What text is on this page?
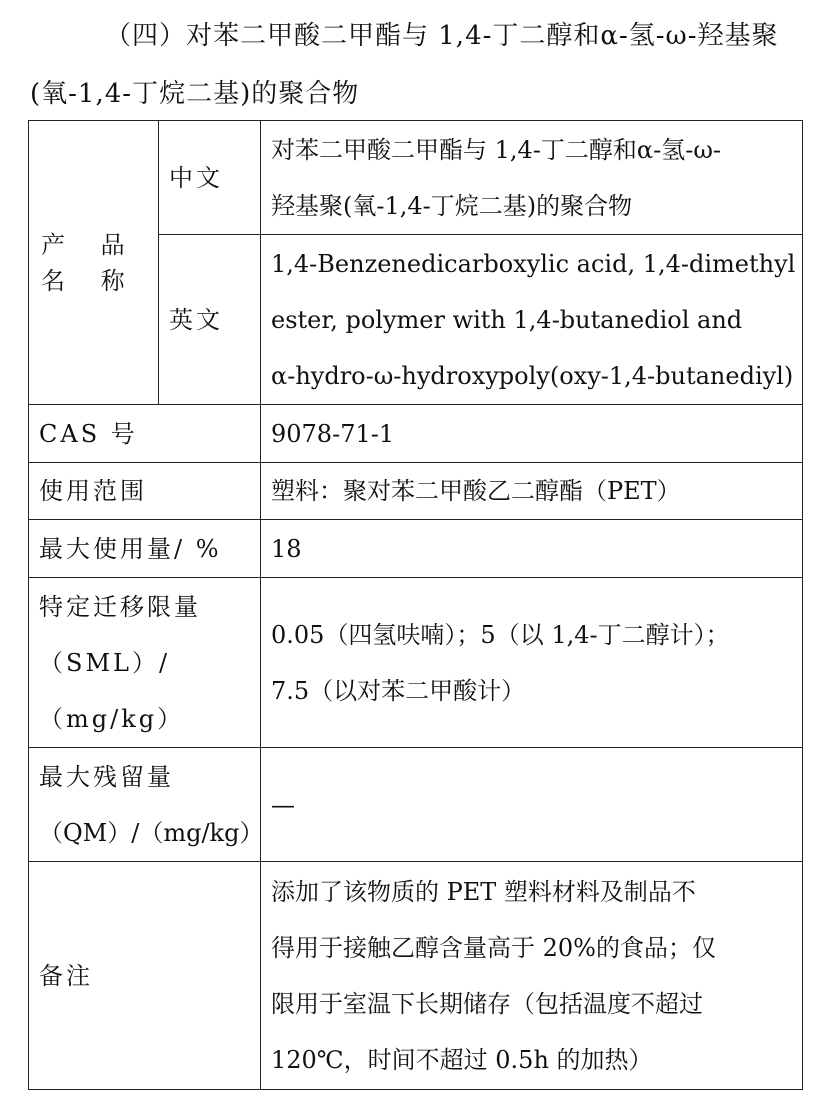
（四）对苯二甲酸二甲酯与 1,4-丁二醇和α-氢-ω-羟基聚
(氧-1,4-丁烷二基)的聚合物
产 品 名 称	中文	对苯二甲酸二甲酯与 1,4-丁二醇和α-氢-ω-
羟基聚(氧-1,4-丁烷二基)的聚合物

	英文	1,4-Benzenedicarboxylic acid, 1,4-dimethyl
ester, polymer with 1,4-butanediol and
α-hydro-ω-hydroxypoly(oxy-1,4-butanediyl)

CAS 号		9078-71-1
使用范围		塑料：聚对苯二甲酸乙二醇酯（PET）
最大使用量/ %		18

特定迁移限量
（SML）/
（mg/kg）		0.05（四氢呋喃）；5（以 1,4-丁二醇计）；
7.5（以对苯二甲酸计）

最大残留量
（QM）/（mg/kg）		—
备注		添加了该物质的 PET 塑料材料及制品不
得用于接触乙醇含量高于 20%的食品；仅
限用于室温下长期储存（包括温度不超过
120℃，时间不超过 0.5h 的加热）
